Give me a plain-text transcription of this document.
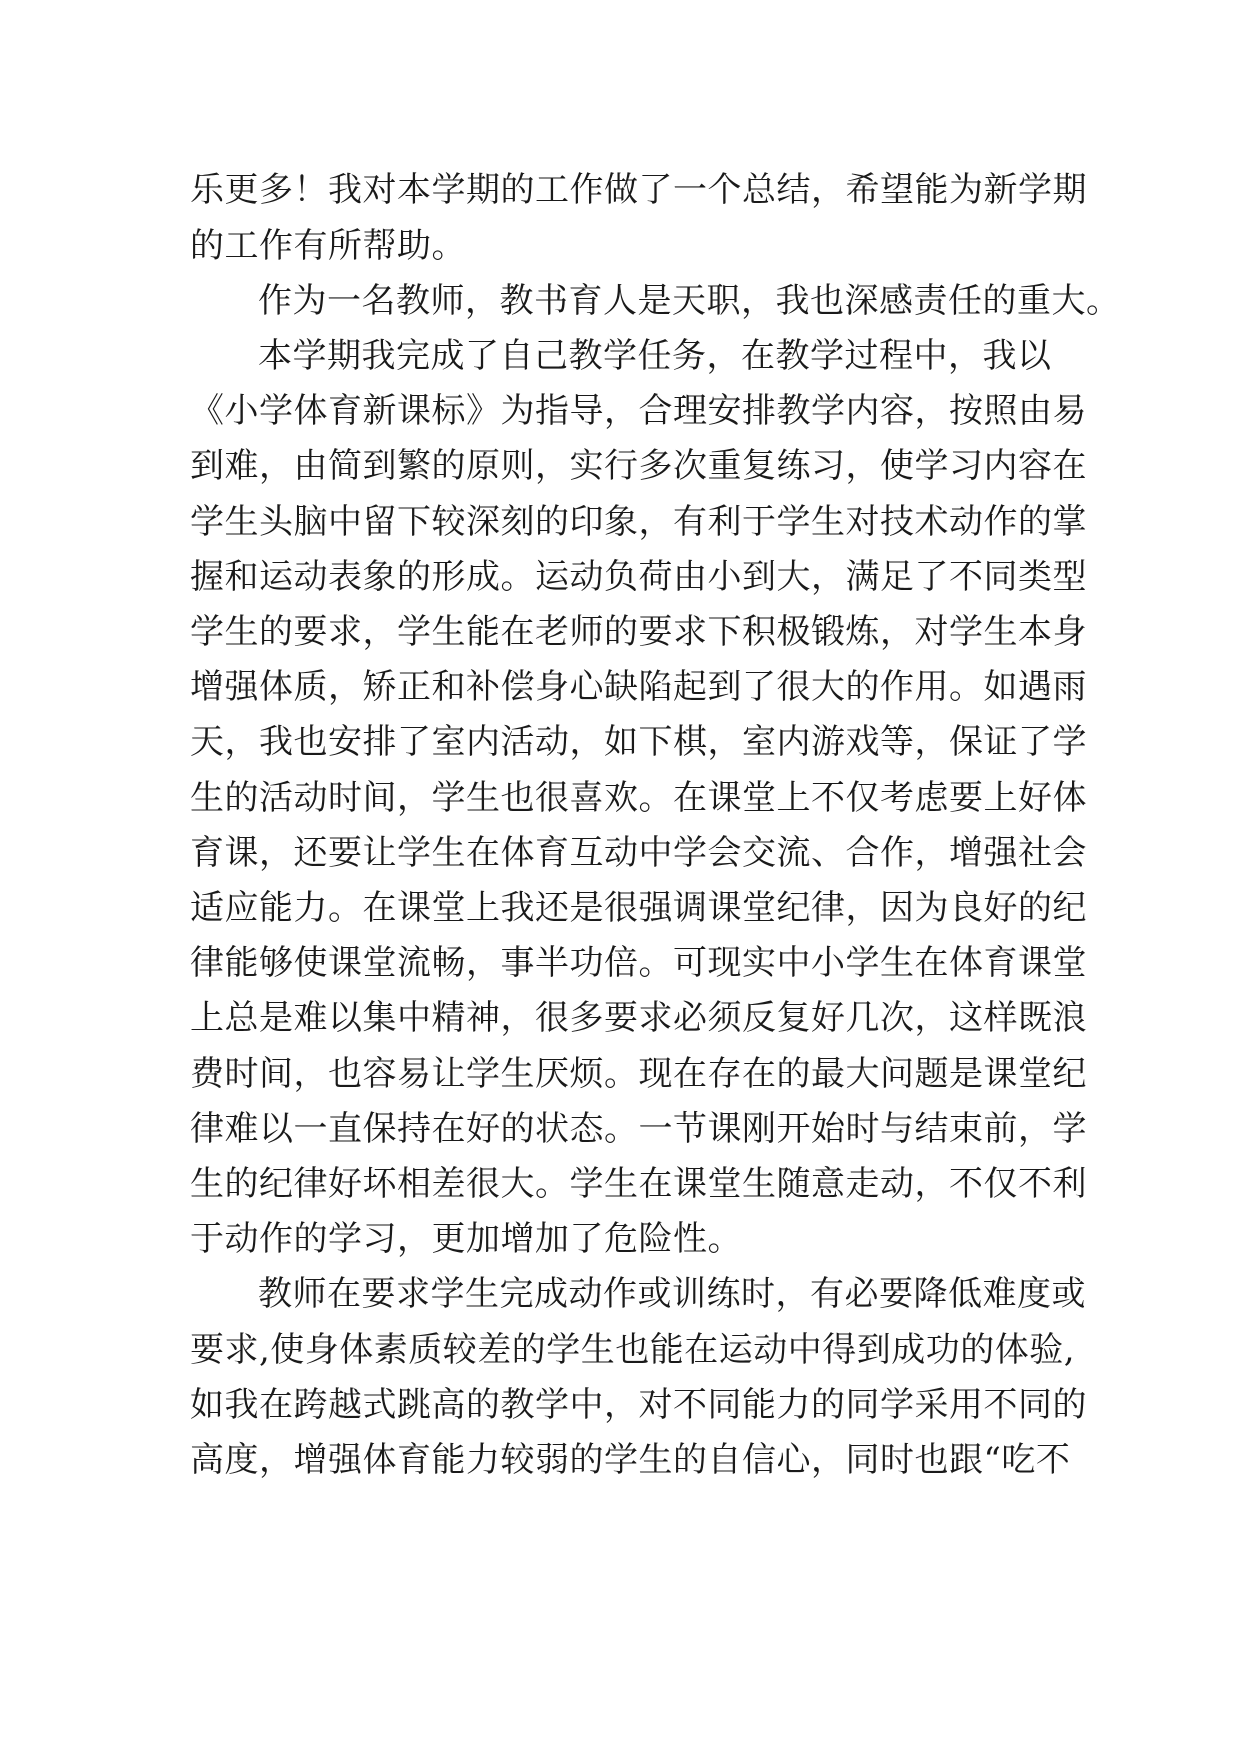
乐更多！我对本学期的工作做了一个总结，希望能为新学期
的工作有所帮助。
作为一名教师，教书育人是天职，我也深感责任的重大。
本学期我完成了自己教学任务，在教学过程中，我以
《小学体育新课标》为指导，合理安排教学内容，按照由易
到难，由简到繁的原则，实行多次重复练习，使学习内容在
学生头脑中留下较深刻的印象，有利于学生对技术动作的掌
握和运动表象的形成。运动负荷由小到大，满足了不同类型
学生的要求，学生能在老师的要求下积极锻炼，对学生本身
增强体质，矫正和补偿身心缺陷起到了很大的作用。如遇雨
天，我也安排了室内活动，如下棋，室内游戏等，保证了学
生的活动时间，学生也很喜欢。在课堂上不仅考虑要上好体
育课，还要让学生在体育互动中学会交流、合作，增强社会
适应能力。在课堂上我还是很强调课堂纪律，因为良好的纪
律能够使课堂流畅，事半功倍。可现实中小学生在体育课堂
上总是难以集中精神，很多要求必须反复好几次，这样既浪
费时间，也容易让学生厌烦。现在存在的最大问题是课堂纪
律难以一直保持在好的状态。一节课刚开始时与结束前，学
生的纪律好坏相差很大。学生在课堂生随意走动，不仅不利
于动作的学习，更加增加了危险性。
教师在要求学生完成动作或训练时，有必要降低难度或
要求,使身体素质较差的学生也能在运动中得到成功的体验,
如我在跨越式跳高的教学中，对不同能力的同学采用不同的
高度，增强体育能力较弱的学生的自信心，同时也跟“吃不
